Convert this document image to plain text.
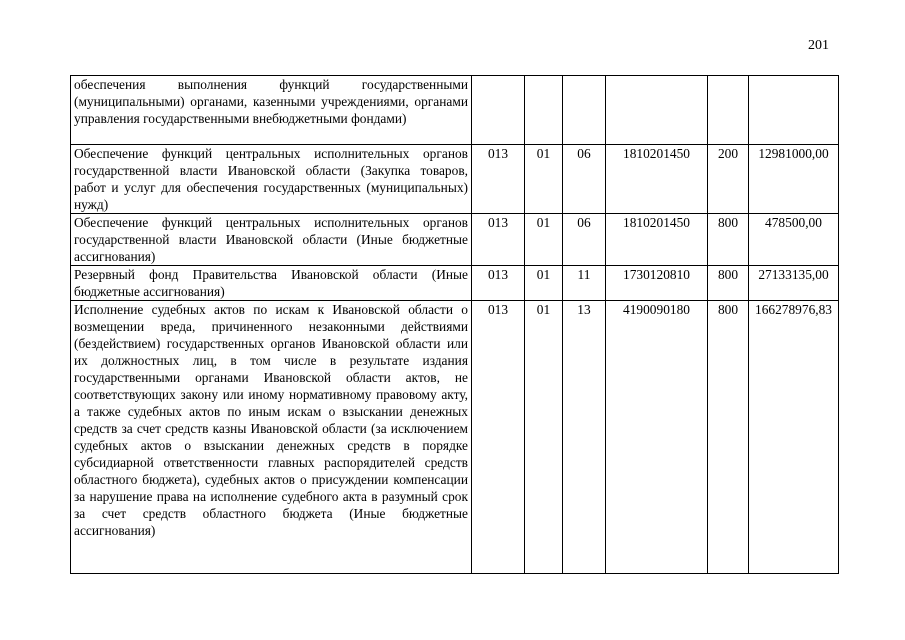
201
обеспечения выполнения функций государственными (муниципальными) органами, казенными учреждениями, органами управления государственными внебюджетными фондами)						
Обеспечение функций центральных исполнительных органов государственной власти Ивановской области (Закупка товаров, работ и услуг для обеспечения государственных (муниципальных) нужд)	013	01	06	1810201450	200	12981000,00
Обеспечение функций центральных исполнительных органов государственной власти Ивановской области (Иные бюджетные ассигнования)	013	01	06	1810201450	800	478500,00
Резервный фонд Правительства Ивановской области (Иные бюджетные ассигнования)	013	01	11	1730120810	800	27133135,00
Исполнение судебных актов по искам к Ивановской области о возмещении вреда, причиненного незаконными действиями (бездействием) государственных органов Ивановской области или их должностных лиц, в том числе в результате издания государственными органами Ивановской области актов, не соответствующих закону или иному нормативному правовому акту, а также судебных актов по иным искам о взыскании денежных средств за счет средств казны Ивановской области (за исключением судебных актов о взыскании денежных средств в порядке субсидиарной ответственности главных распорядителей средств областного бюджета), судебных актов о присуждении компенсации за нарушение права на исполнение судебного акта в разумный срок за счет средств областного бюджета (Иные бюджетные ассигнования)	013	01	13	4190090180	800	166278976,83
